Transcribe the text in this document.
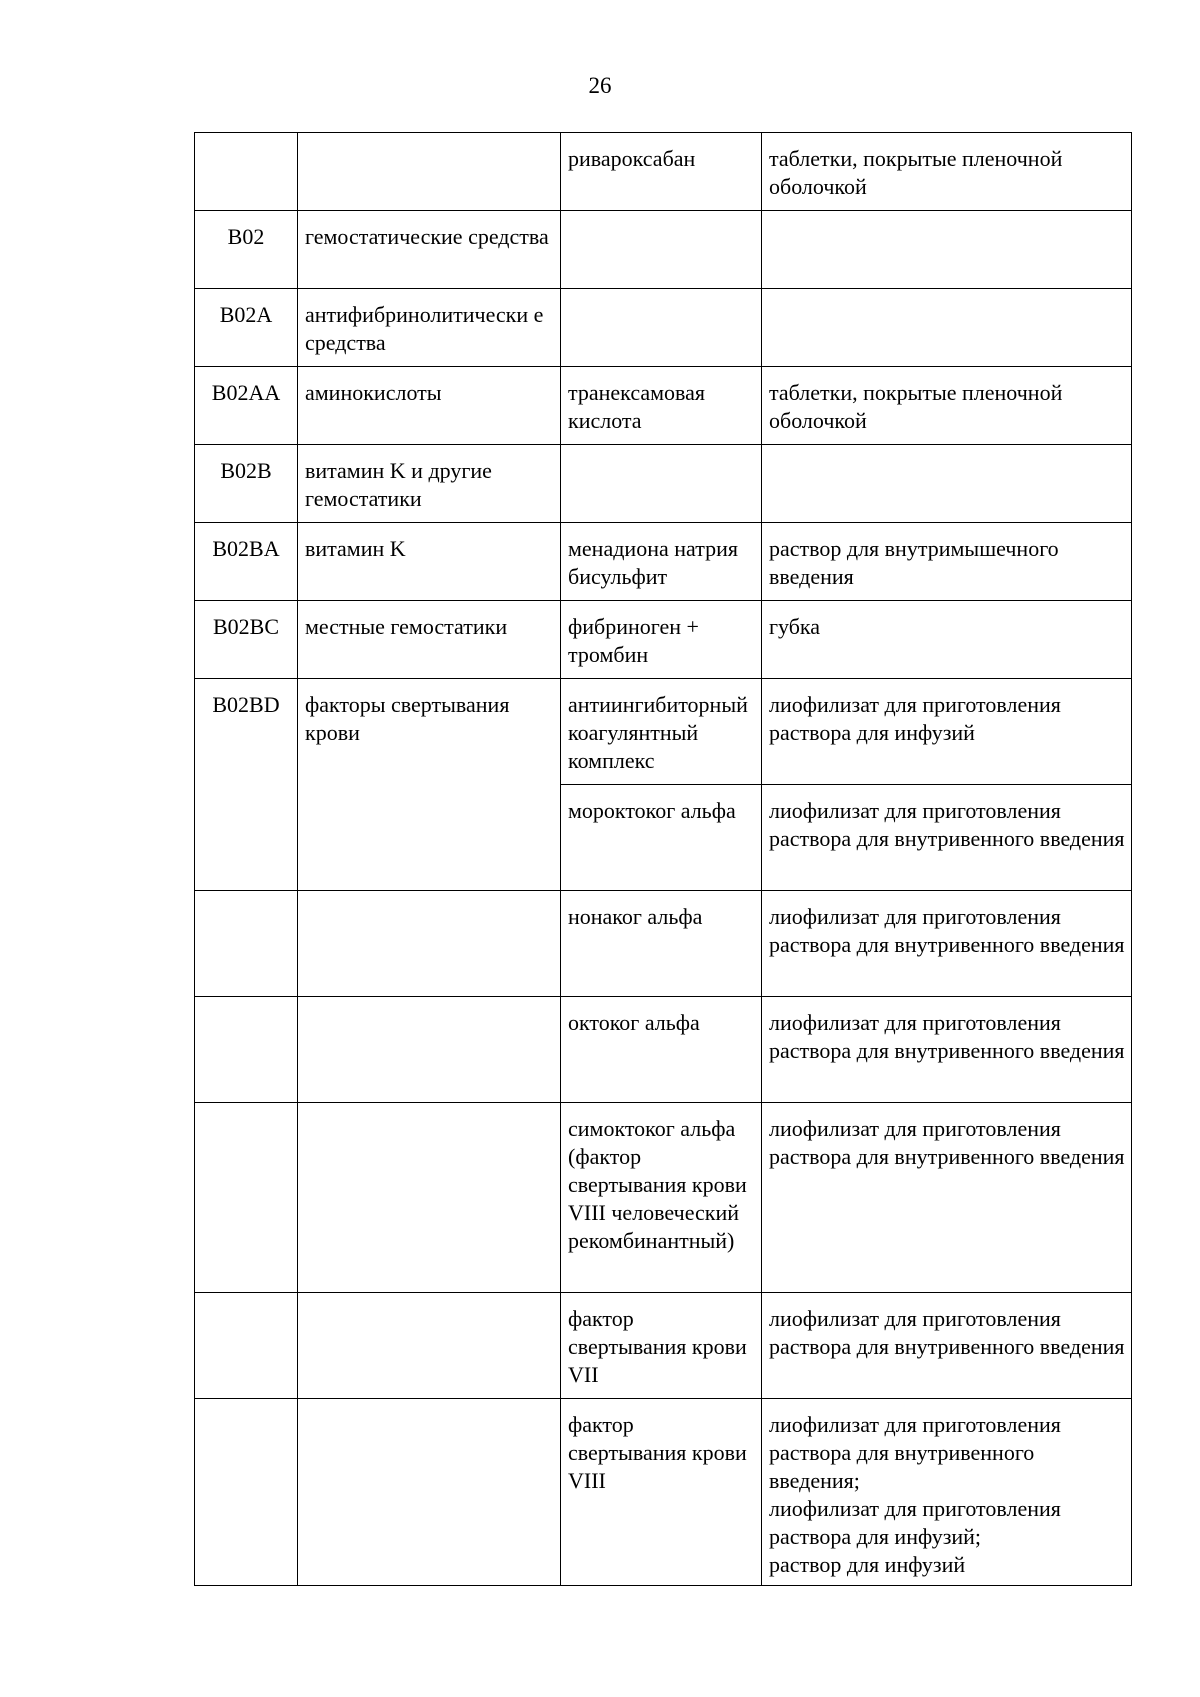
26
		ривароксабан	таблетки, покрытые пленочной оболочкой
B02	гемостатические средства		
B02A	антифибринолитически е средства		
B02AA	аминокислоты	транексамовая кислота	таблетки, покрытые пленочной оболочкой
B02B	витамин K и другие гемостатики		
B02BA	витамин K	менадиона натрия бисульфит	раствор для внутримышечного введения
B02BC	местные гемостатики	фибриноген + тромбин	губка
B02BD	факторы свертывания крови	антиингибиторный коагулянтный комплекс	лиофилизат для приготовления раствора для инфузий
		мороктоког альфа	лиофилизат для приготовления раствора для внутривенного введения
		нонаког альфа	лиофилизат для приготовления раствора для внутривенного введения
		октоког альфа	лиофилизат для приготовления раствора для внутривенного введения
		симоктоког альфа (фактор свертывания крови VIII человеческий рекомбинантный)	лиофилизат для приготовления раствора для внутривенного введения
		фактор свертывания крови VII	лиофилизат для приготовления раствора для внутривенного введения
		фактор свертывания крови VIII	лиофилизат для приготовления раствора для внутривенного введения;
лиофилизат для приготовления раствора для инфузий;
раствор для инфузий
